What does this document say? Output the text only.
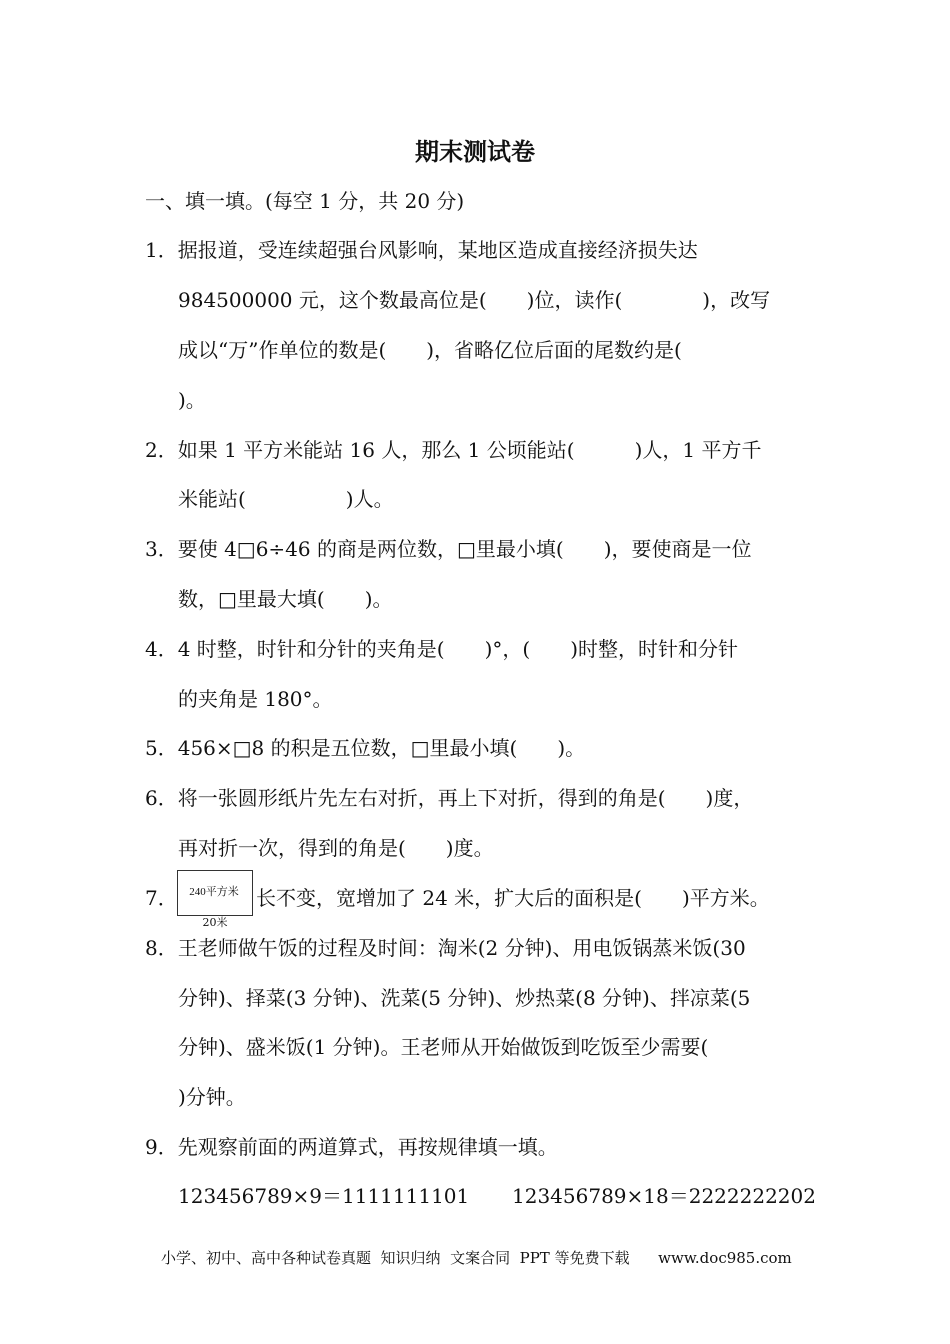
期末测试卷
一、填一填。(每空 1 分，共 20 分)
1．据报道，受连续超强台风影响，某地区造成直接经济损失达
984500000 元，这个数最高位是(　　)位，读作(　　　　)，改写
成以“万”作单位的数是(　　)，省略亿位后面的尾数约是(
)。
2．如果 1 平方米能站 16 人，那么 1 公顷能站(　　　)人，1 平方千
米能站(　　　　　)人。
3．要使 4□6÷46 的商是两位数，□里最小填(　　)，要使商是一位
数，□里最大填(　　)。
4．4 时整，时针和分针的夹角是(　　)°，(　　)时整，时针和分针
的夹角是 180°。
5．456×□8 的积是五位数，□里最小填(　　)。
6．将一张圆形纸片先左右对折，再上下对折，得到的角是(　　)度，
再对折一次，得到的角是(　　)度。
7．	240平方米
20米
长不变，宽增加了 24 米，扩大后的面积是(　　)平方米。
8．王老师做午饭的过程及时间：淘米(2 分钟)、用电饭锅蒸米饭(30
分钟)、择菜(3 分钟)、洗菜(5 分钟)、炒热菜(8 分钟)、拌凉菜(5
分钟)、盛米饭(1 分钟)。王老师从开始做饭到吃饭至少需要(
)分钟。
9．先观察前面的两道算式，再按规律填一填。
123456789×9＝1111111101 123456789×18＝2222222202
小学、初中、高中各种试卷真题  知识归纳  文案合同  PPT 等免费下载      www.doc985.com
